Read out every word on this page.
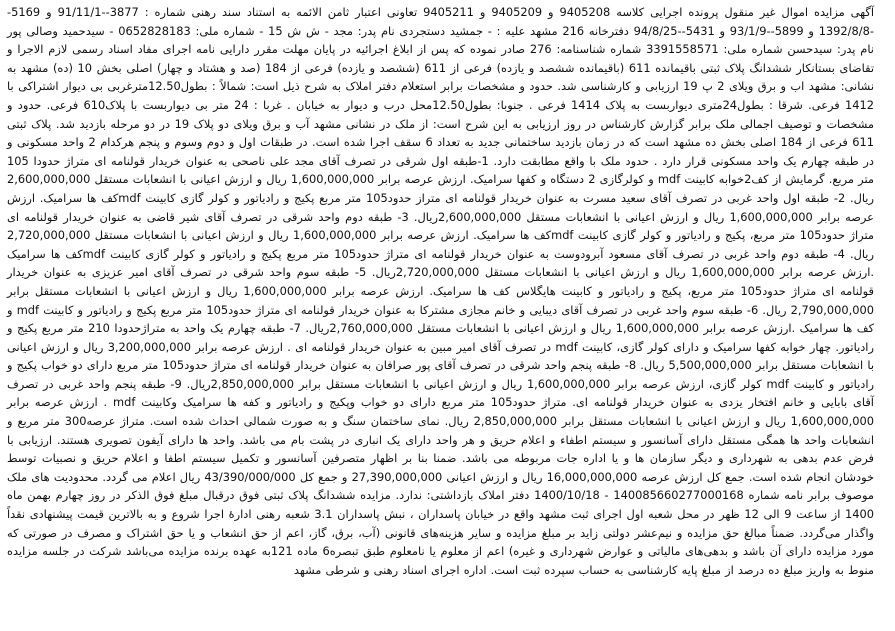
آگهی مزایده اموال غیر منقول پرونده اجرایی کلاسه 9405208 و 9405209 و 9405211 تعاونی اعتبار ثامن الائمه به استناد سند رهنی شماره : 3877--91/11/1 و 5169--1392/8/8 و 5899--93/1/9 و 5431--94/8/25 دفترخانه 216 مشهد علیه : - جمشید دستجردی نام پدر: مجد - ش ش 15 - شماره ملی: 0652828183 - سیدحمید وصالی پور نام پدر: سیدحسن شماره ملی: 3391558571 شماره شناسنامه: 276 صادر نموده که پس از ابلاغ اجرائیه در پایان مهلت مقرر دارایی نامه اجرای مفاد اسناد رسمی لازم الاجرا و تقاضای بستانکار ششدانگ پلاک ثبتی باقیمانده 611 (باقیمانده ششصد و یازده) فرعی از 611 (ششصد و یازده) فرعی از 184 (صد و هشتاد و چهار) اصلی بخش 10 (ده) مشهد به نشانی: مشهد اب و برق ویلای 2 پ 19 ارزیابی و کارشناسی شد. حدود و مشخصات برابر استعلام دفتر املاک به شرح ذیل است: شمالاً : بطول12.50مترغربی بی دیوار اشتراکی با 1412 فرعی. شرقا : بطول24متری دیواربست به پلاک 1414 فرعی . جنوبا: بطول12.50محل درب و دیوار به خیابان . غربا : 24 متر بی دیواربست با پلاک610 فرعی. حدود و مشخصات و توصیف اجمالی ملک برابر گزارش کارشناس در روز ارزیابی به این شرح است: از ملک در نشانی مشهد آب و برق ویلای دو پلاک 19 در دو مرحله بازدید شد. پلاک ثبتی 611 فرعی از 184 اصلی بخش ده مشهد است که در زمان بازدید ساختمانی جدید به تعداد 6 سقف اجرا شده است. در طبقات اول و دوم وسوم و پنجم هرکدام 2 واحد مسکونی و در طبقه چهارم یک واحد مسکونی قرار دارد . حدود ملک با واقع مطابقت دارد. 1-طبقه اول شرقی در تصرف آقای مجد علی ناصحی به عنوان خریدار قولنامه ای متراژ حدودا 105 متر مربع. گرمایش از کف2خوابه کابینت mdf و کولرگازی 2 دستگاه و کفها سرامیک. ارزش عرصه برابر 1,600,000,000 ریال و ارزش اعیانی با انشعابات مستقل 2,600,000,000 ریال. 2- طبقه اول واحد غربی در تصرف آقای سعید مسرت به عنوان خریدار قولنامه ای متراز حدود105 متر مربع پکیج و رادیاتور و کولر گازی کابینت mdfکف ها سرامیک. ارزش عرصه برابر 1,600,000,000 ریال و ارزش اعیانی با انشعابات مستقل 2,600,000,000ریال. 3- طبقه دوم واحد شرقی در تصرف آقای شیر قاضی به عنوان خریدار قولنامه ای متراژ حدود105 متر مربع، پکیج و رادیاتور و کولر گازی کابینت mdfکف ها سرامیک. ارزش عرصه برابر 1,600,000,000 ریال و ارزش اعیانی با انشعابات مستقل 2,720,000,000 ریال. 4- طبقه دوم واحد غربی در تصرف آقای مسعود آبرودوست به عنوان خریدار قولنامه ای متراژ حدود105 متر مربع پکیج و رادیاتور و کولر گازی کابینت mdfکف ها سرامیک .ارزش عرصه برابر 1,600,000,000 ریال و ارزش اعیانی با انشعابات مستقل 2,720,000,000ریال. 5- طبقه سوم واحد شرقی در تصرف آقای امیر عزیزی به عنوان خریدار قولنامه ای متراژ حدود105 متر مربع، پکیج و رادیاتور و کابینت هایگلاس کف ها سرامیک. ارزش عرصه برابر 1,600,000,000 ریال و ارزش اعیانی با انشعابات مستقل برابر 2,790,000,000 ریال. 6- طبقه سوم واحد غربی در تصرف آقای دیبایی و خانم مجازی مشترکا به عنوان خریدار قولنامه ای متراژ حدود105 متر مربع پکیج و رادیاتور و کابینت mdf و کف ها سرامیک .ارزش عرصه برابر 1,600,000,000 ریال و ارزش اعیانی با انشعابات مستقل 2,760,000,000ریال. 7- طبقه چهارم یک واحد به متراژحدودا 210 متر مربع پکیج و رادیاتور. چهار خوابه کفها سرامیک و دارای کولر گازی، کابینت mdf در تصرف آقای امیر مبین به عنوان خریدار قولنامه ای . ارزش عرصه برابر 3,200,000,000 ریال و ارزش اعیانی با انشعابات مستقل برابر 5,500,000,000 ریال. 8- طبقه پنجم واحد شرقی در تصرف آقای پور صرافان به عنوان خریدار قولنامه ای متراژ حدود105 متر مربع دارای دو خواب پکیج و رادیاتور و کابینت mdf کولر گازی، ارزش عرصه برابر 1,600,000,000 ریال و ارزش اعیانی با انشعابات مستقل برابر 2,850,000,000ریال. 9- طبقه پنجم واحد غربی در تصرف آقای بابایی و خانم افتخار یزدی به عنوان خریدار قولنامه ای. متراژ حدود105 متر مربع دارای دو خواب وپکیج و رادیاتور و کفه ها سرامیک وکابینت mdf . ارزش عرصه برابر 1,600,000,000 ریال و ارزش اعیانی با انشعابات مستقل برابر 2,850,000,000 ریال. نمای ساختمان سنگ و به صورت شمالی احداث شده است. متراژ عرصه300 متر مربع و انشعابات واحد ها همگی مستقل دارای آسانسور و سیستم اطفاء و اعلام حریق و هر واحد دارای یک انباری در پشت بام می باشد. واحد ها دارای آیفون تصویری هستند. ارزیابی با فرض عدم بدهی به شهرداری و دیگر سازمان ها و یا اداره جات مربوطه می باشد. ضمنا بنا بر اظهار متصرفین آسانسور و تکمیل سیستم اطفا و اعلام حریق و نصبیات توسط خودشان انجام شده است. جمع کل ارزش عرصه 16,000,000,000 ریال و ارزش اعیانی 27,390,000,000 و جمع کل 43/390/000/000 ریال اعلام می گردد. محدودیت های ملک موصوف برابر نامه شماره 140085660277000168 - 1400/10/18 دفتر املاک بازداشتی: ندارد. مزایده ششدانگ پلاک ثبتی فوق درقبال مبلغ فوق الذکر در روز چهارم بهمن ماه 1400 از ساعت 9 الی 12 ظهر در محل شعبه اول اجرای ثبت مشهد واقع در خیابان پاسداران ، نبش پاسداران 3.1 شعبه رهنی ادارۀ اجرا شروع و به بالاترین قیمت پیشنهادی نقداً واگذار می‌گردد. ضمناً مبالغ حق مزایده و نیم‌عشر دولتی زاید بر مبلغ مزایده و سایر هزینه‌های قانونی (آب، برق، گاز، اعم از حق انشعاب و یا حق اشتراک و مصرف در صورتی که مورد مزایده دارای آن باشد و بدهی‌های مالیاتی و عوارض شهرداری و غیره) اعم از معلوم یا نامعلوم طبق تبصره6 ماده 121به عهده برنده مزایده می‌باشد شرکت در جلسه مزایده منوط به واریز مبلغ ده درصد از مبلغ پایه کارشناسی به حساب سپرده ثبت است. اداره اجرای اسناد رهنی و شرطی مشهد
